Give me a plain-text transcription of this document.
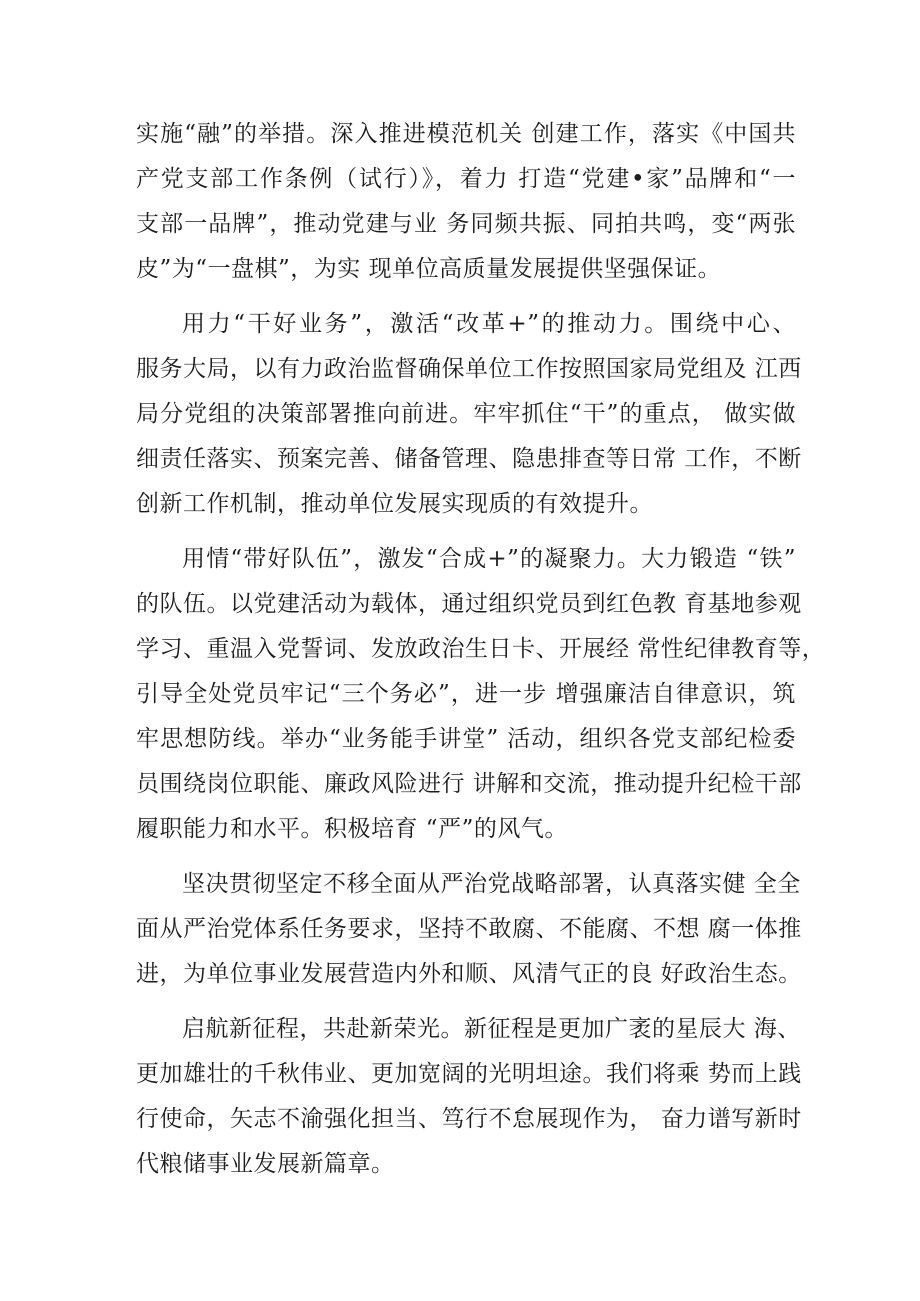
实施“融”的举措。深入推进模范机关 创建工作，落实《中国共
产党支部工作条例（试行）》，着力 打造“党建•家”品牌和“一
支部一品牌”，推动党建与业 务同频共振、同拍共鸣，变“两张
皮”为“一盘棋”，为实 现单位高质量发展提供坚强保证。
用力“干好业务”，激活“改革+”的推动力。围绕中心、
服务大局，以有力政治监督确保单位工作按照国家局党组及 江西
局分党组的决策部署推向前进。牢牢抓住“干”的重点， 做实做
细责任落实、预案完善、储备管理、隐患排查等日常 工作，不断
创新工作机制，推动单位发展实现质的有效提升。
用情“带好队伍”，激发“合成+”的凝聚力。大力锻造 “铁”
的队伍。以党建活动为载体，通过组织党员到红色教 育基地参观
学习、重温入党誓词、发放政治生日卡、开展经 常性纪律教育等，
引导全处党员牢记“三个务必”，进一步 增强廉洁自律意识，筑
牢思想防线。举办“业务能手讲堂” 活动，组织各党支部纪检委
员围绕岗位职能、廉政风险进行 讲解和交流，推动提升纪检干部
履职能力和水平。积极培育 “严”的风气。
坚决贯彻坚定不移全面从严治党战略部署，认真落实健 全全
面从严治党体系任务要求，坚持不敢腐、不能腐、不想 腐一体推
进，为单位事业发展营造内外和顺、风清气正的良 好政治生态。
启航新征程，共赴新荣光。新征程是更加广袤的星辰大 海、
更加雄壮的千秋伟业、更加宽阔的光明坦途。我们将乘 势而上践
行使命，矢志不渝强化担当、笃行不怠展现作为， 奋力谱写新时
代粮储事业发展新篇章。
